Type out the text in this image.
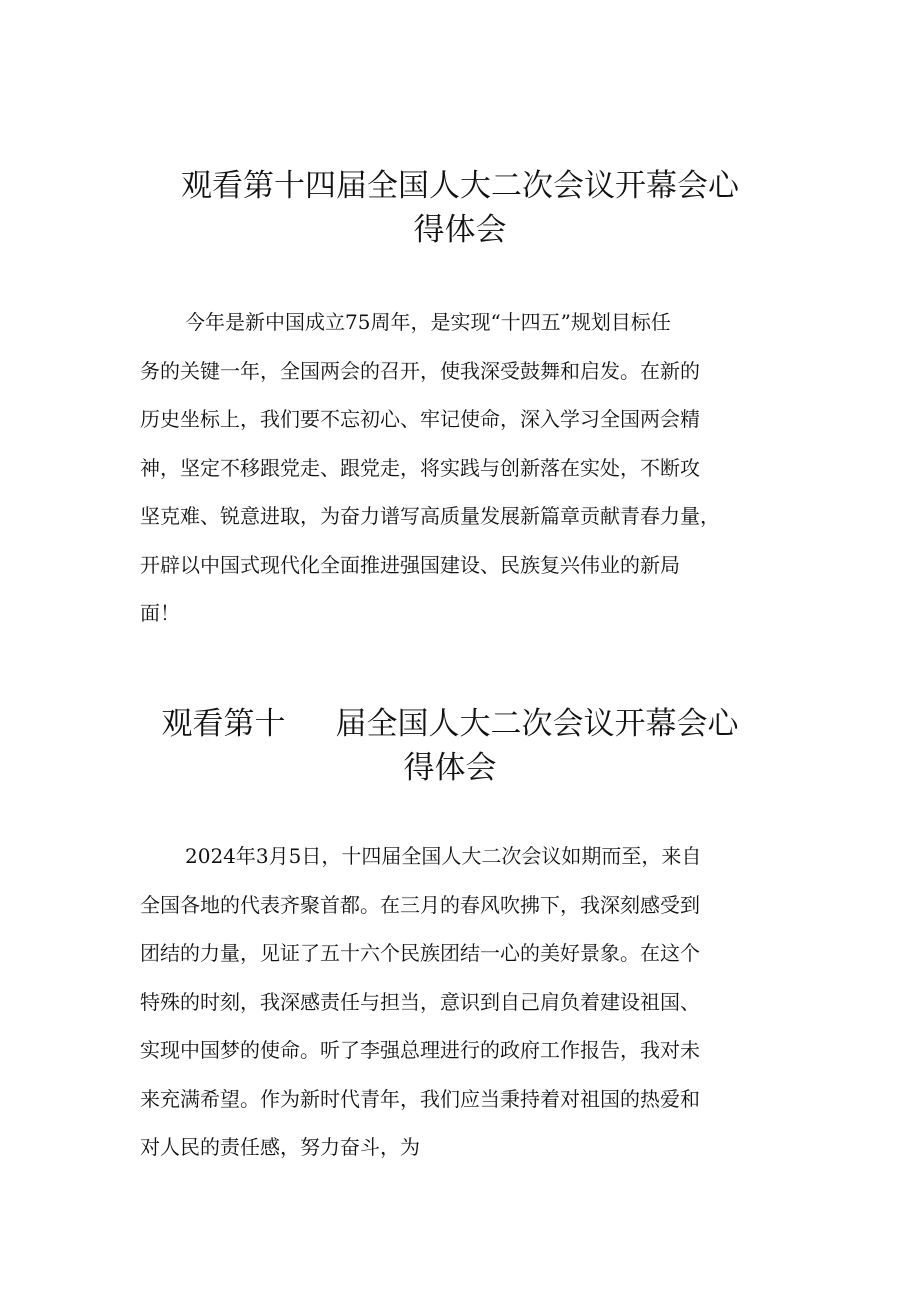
观看第十四届全国人大二次会议开幕会心
得体会
今年是新中国成立75周年，是实现“十四五”规划目标任
务的关键一年，全国两会的召开，使我深受鼓舞和启发。在新的
历史坐标上，我们要不忘初心、牢记使命，深入学习全国两会精
神，坚定不移跟党走、跟党走，将实践与创新落在实处，不断攻
坚克难、锐意进取，为奋力谱写高质量发展新篇章贡献青春力量，
开辟以中国式现代化全面推进强国建设、民族复兴伟业的新局
面！
观看第十 届全国人大二次会议开幕会心
得体会
2024年3月5日，十四届全国人大二次会议如期而至，来自
全国各地的代表齐聚首都。在三月的春风吹拂下，我深刻感受到
团结的力量，见证了五十六个民族团结一心的美好景象。在这个
特殊的时刻，我深感责任与担当，意识到自己肩负着建设祖国、
实现中国梦的使命。听了李强总理进行的政府工作报告，我对未
来充满希望。作为新时代青年，我们应当秉持着对祖国的热爱和
对人民的责任感，努力奋斗，为
